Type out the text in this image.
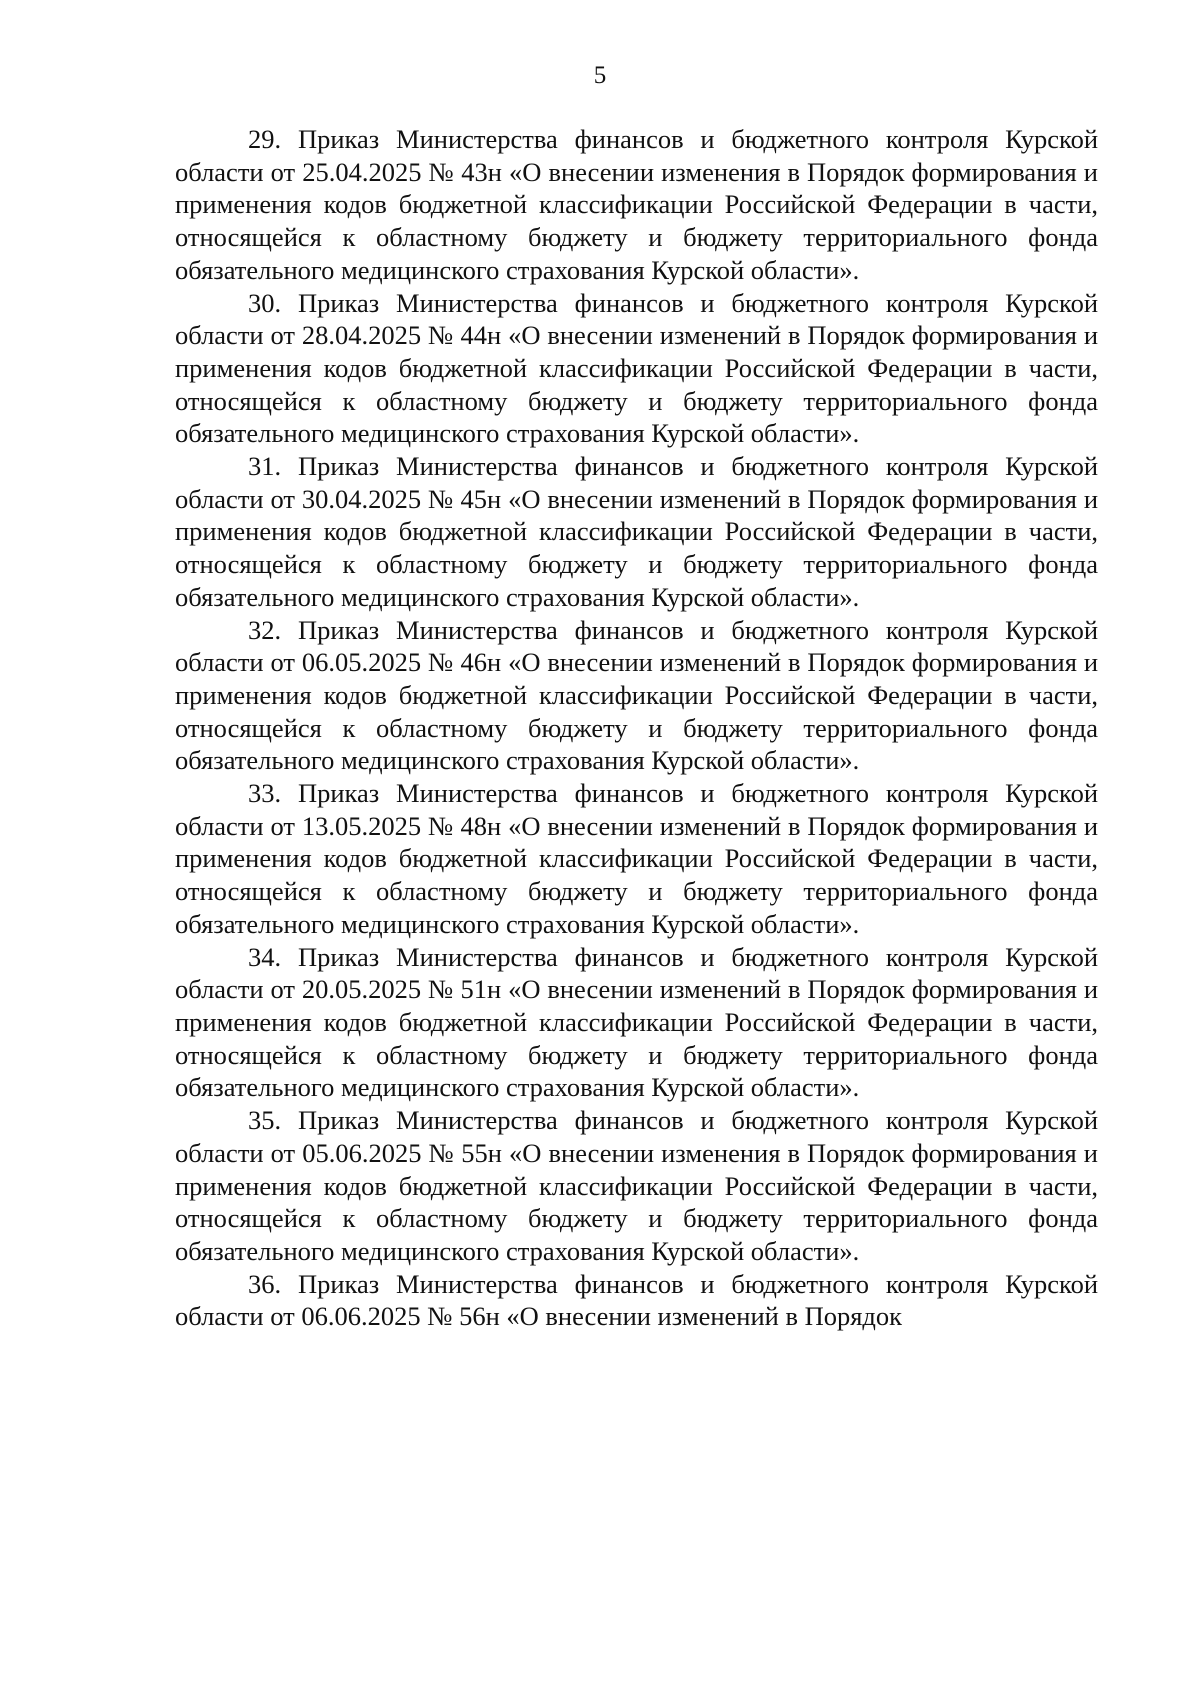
5

29. Приказ Министерства финансов и бюджетного контроля Курской области от 25.04.2025 № 43н «О внесении изменения в Порядок формирования и применения кодов бюджетной классификации Российской Федерации в части, относящейся к областному бюджету и бюджету территориального фонда обязательного медицинского страхования Курской области».

30. Приказ Министерства финансов и бюджетного контроля Курской области от 28.04.2025 № 44н «О внесении изменений в Порядок формирования и применения кодов бюджетной классификации Российской Федерации в части, относящейся к областному бюджету и бюджету территориального фонда обязательного медицинского страхования Курской области».

31. Приказ Министерства финансов и бюджетного контроля Курской области от 30.04.2025 № 45н «О внесении изменений в Порядок формирования и применения кодов бюджетной классификации Российской Федерации в части, относящейся к областному бюджету и бюджету территориального фонда обязательного медицинского страхования Курской области».

32. Приказ Министерства финансов и бюджетного контроля Курской области от 06.05.2025 № 46н «О внесении изменений в Порядок формирования и применения кодов бюджетной классификации Российской Федерации в части, относящейся к областному бюджету и бюджету территориального фонда обязательного медицинского страхования Курской области».

33. Приказ Министерства финансов и бюджетного контроля Курской области от 13.05.2025 № 48н «О внесении изменений в Порядок формирования и применения кодов бюджетной классификации Российской Федерации в части, относящейся к областному бюджету и бюджету территориального фонда обязательного медицинского страхования Курской области».

34. Приказ Министерства финансов и бюджетного контроля Курской области от 20.05.2025 № 51н «О внесении изменений в Порядок формирования и применения кодов бюджетной классификации Российской Федерации в части, относящейся к областному бюджету и бюджету территориального фонда обязательного медицинского страхования Курской области».

35. Приказ Министерства финансов и бюджетного контроля Курской области от 05.06.2025 № 55н «О внесении изменения в Порядок формирования и применения кодов бюджетной классификации Российской Федерации в части, относящейся к областному бюджету и бюджету территориального фонда обязательного медицинского страхования Курской области».

36. Приказ Министерства финансов и бюджетного контроля Курской области от 06.06.2025 № 56н «О внесении изменений в Порядок
